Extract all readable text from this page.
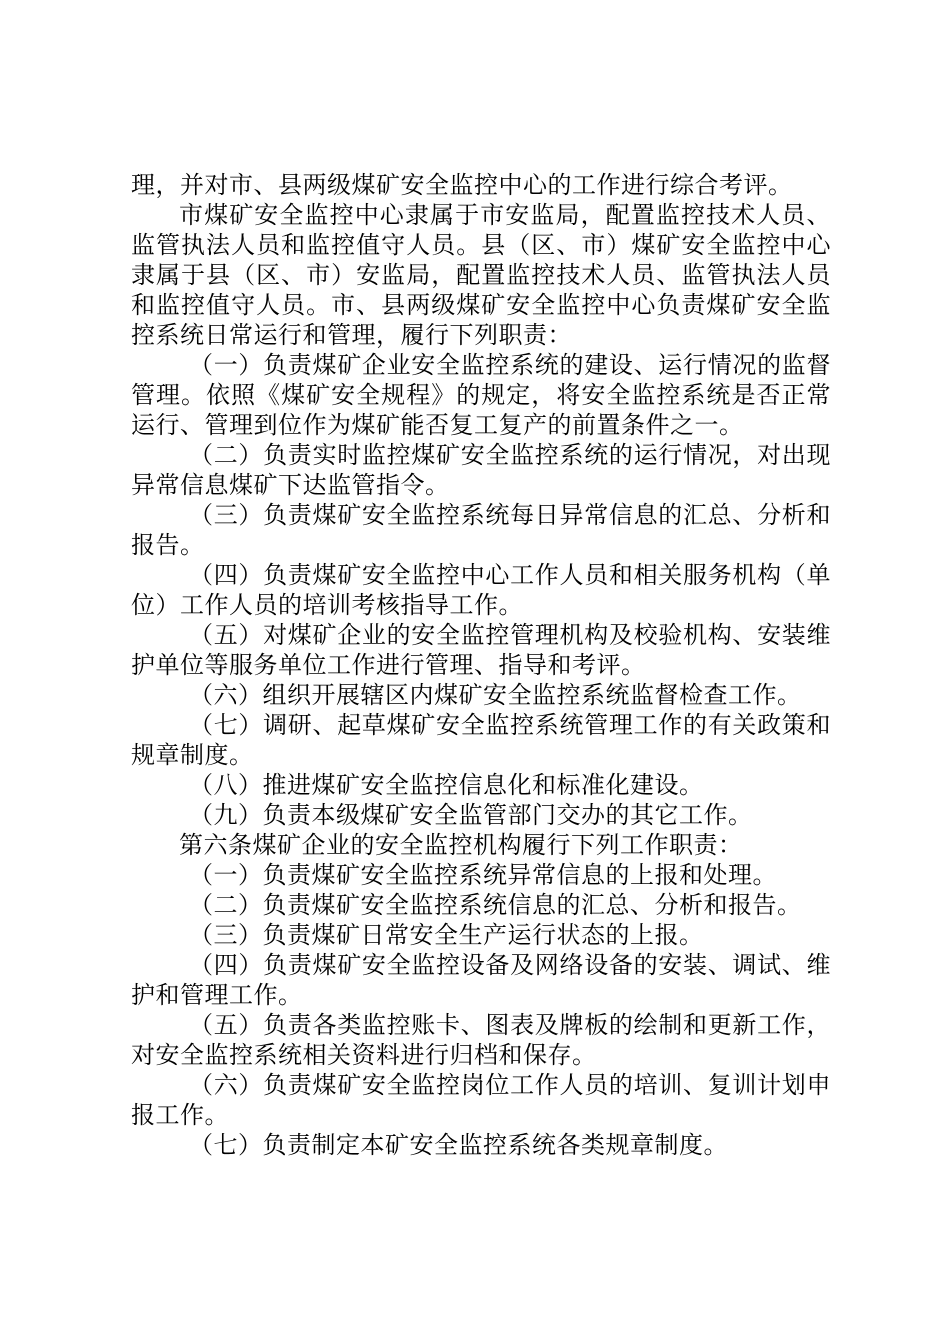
理，并对市、县两级煤矿安全监控中心的工作进行综合考评。

市煤矿安全监控中心隶属于市安监局，配置监控技术人员、监管执法人员和监控值守人员。县（区、市）煤矿安全监控中心隶属于县（区、市）安监局，配置监控技术人员、监管执法人员和监控值守人员。市、县两级煤矿安全监控中心负责煤矿安全监控系统日常运行和管理，履行下列职责：

（一）负责煤矿企业安全监控系统的建设、运行情况的监督管理。依照《煤矿安全规程》的规定，将安全监控系统是否正常运行、管理到位作为煤矿能否复工复产的前置条件之一。

（二）负责实时监控煤矿安全监控系统的运行情况，对出现异常信息煤矿下达监管指令。

（三）负责煤矿安全监控系统每日异常信息的汇总、分析和报告。

（四）负责煤矿安全监控中心工作人员和相关服务机构（单位）工作人员的培训考核指导工作。

（五）对煤矿企业的安全监控管理机构及校验机构、安装维护单位等服务单位工作进行管理、指导和考评。

（六）组织开展辖区内煤矿安全监控系统监督检查工作。

（七）调研、起草煤矿安全监控系统管理工作的有关政策和规章制度。

（八）推进煤矿安全监控信息化和标准化建设。

（九）负责本级煤矿安全监管部门交办的其它工作。

第六条煤矿企业的安全监控机构履行下列工作职责：

（一）负责煤矿安全监控系统异常信息的上报和处理。

（二）负责煤矿安全监控系统信息的汇总、分析和报告。

（三）负责煤矿日常安全生产运行状态的上报。

（四）负责煤矿安全监控设备及网络设备的安装、调试、维护和管理工作。

（五）负责各类监控账卡、图表及牌板的绘制和更新工作，对安全监控系统相关资料进行归档和保存。

（六）负责煤矿安全监控岗位工作人员的培训、复训计划申报工作。

（七）负责制定本矿安全监控系统各类规章制度。
